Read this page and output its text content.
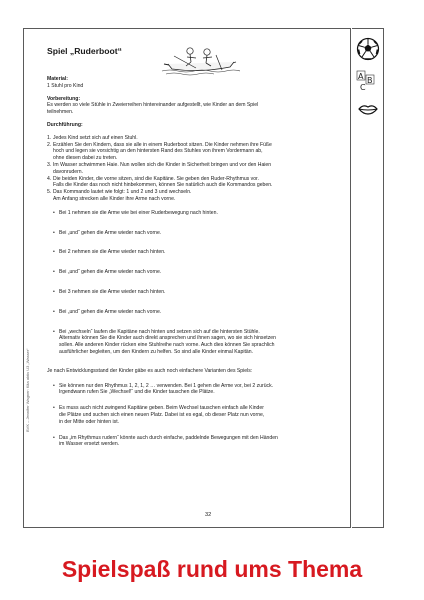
A B
C
BVK – Jennifer Wagner: Kita aktiv U3 „Wasser“
Spiel „Ruderboot“
Material:
1 Stuhl pro Kind
Vorbereitung:
Es werden so viele Stühle in Zweierreihen hintereinander aufgestellt, wie Kinder an dem Spiel
teilnehmen.
Durchführung:
1. Jedes Kind setzt sich auf einen Stuhl.
2. Erzählen Sie den Kindern, dass sie alle in einem Ruderboot sitzen. Die Kinder nehmen ihre Füße
hoch und legen sie vorsichtig an den hintersten Rand des Stuhles von ihrem Vordermann ab,
ohne diesen dabei zu treten.
3. Im Wasser schwimmen Haie. Nun wollen sich die Kinder in Sicherheit bringen und vor den Haien
davonrudern.
4. Die beiden Kinder, die vorne sitzen, sind die Kapitäne. Sie geben den Ruder-Rhythmus vor.
Falls die Kinder das noch nicht hinbekommen, können Sie natürlich auch die Kommandos geben.
5. Das Kommando lautet wie folgt: 1 und 2 und 3 und wechseln.
Am Anfang strecken alle Kinder ihre Arme nach vorne.
• Bei 1 nehmen sie die Arme wie bei einer Ruderbewegung nach hinten.
• Bei „und“ gehen die Arme wieder nach vorne.
• Bei 2 nehmen sie die Arme wieder nach hinten.
• Bei „und“ gehen die Arme wieder nach vorne.
• Bei 3 nehmen sie die Arme wieder nach hinten.
• Bei „und“ gehen die Arme wieder nach vorne.
• Bei „wechseln“ laufen die Kapitäne nach hinten und setzen sich auf die hintersten Stühle.
Alternativ können Sie die Kinder auch direkt ansprechen und ihnen sagen, wo sie sich hinsetzen
sollen. Alle anderen Kinder rücken eine Stuhlreihe nach vorne. Auch dies können Sie sprachlich
ausführlicher begleiten, um den Kindern zu helfen. So sind alle Kinder einmal Kapitän.
Je nach Entwicklungsstand der Kinder gäbe es auch noch einfachere Varianten des Spiels:
• Sie können nur den Rhythmus 1, 2, 1, 2 … verwenden. Bei 1 gehen die Arme vor, bei 2 zurück.
Irgendwann rufen Sie „Wechsel!“ und die Kinder tauschen die Plätze.
• Es muss auch nicht zwingend Kapitäne geben. Beim Wechsel tauschen einfach alle Kinder
die Plätze und suchen sich einen neuen Platz. Dabei ist es egal, ob dieser Platz nun vorne,
in der Mitte oder hinten ist.
• Das „im Rhythmus rudern“ könnte auch durch einfache, paddelnde Bewegungen mit den Händen
im Wasser ersetzt werden.
32
Spielspaß rund ums Thema
